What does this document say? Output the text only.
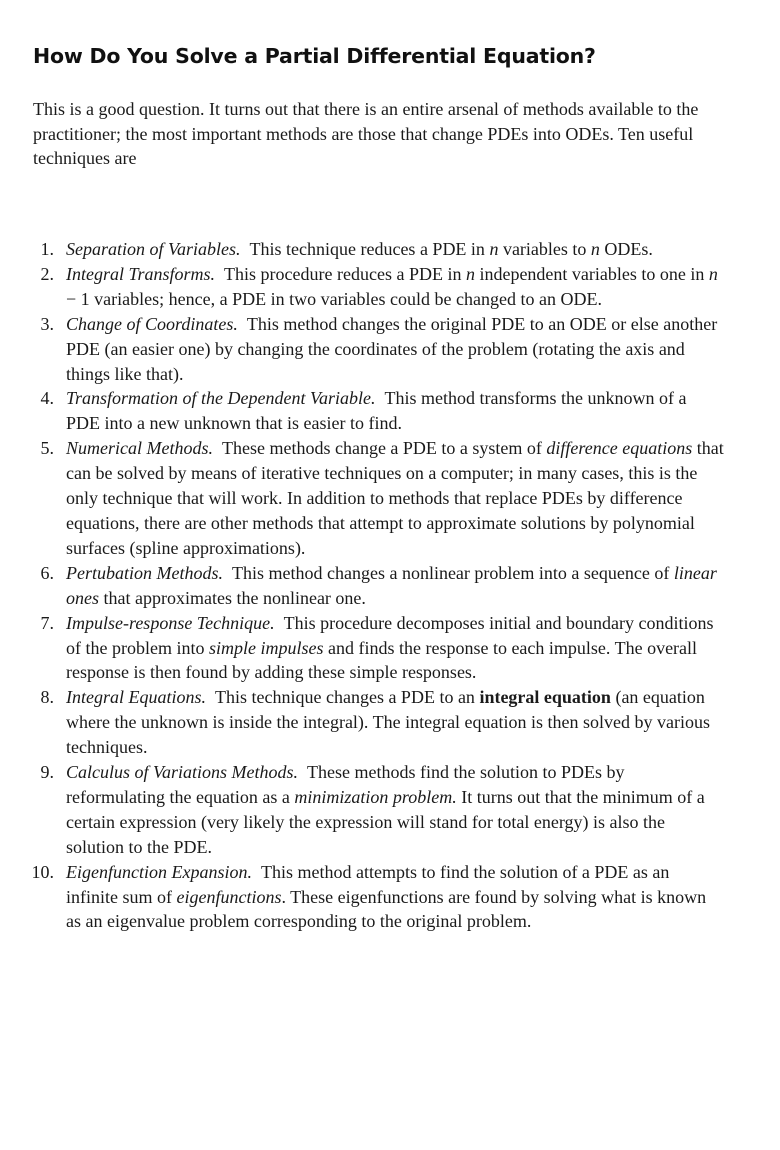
How Do You Solve a Partial Differential Equation?

This is a good question. It turns out that there is an entire arsenal of methods available to the practitioner; the most important methods are those that change PDEs into ODEs. Ten useful techniques are

1. Separation of Variables. This technique reduces a PDE in n variables to n ODEs.
2. Integral Transforms. This procedure reduces a PDE in n independent variables to one in n − 1 variables; hence, a PDE in two variables could be changed to an ODE.
3. Change of Coordinates. This method changes the original PDE to an ODE or else another PDE (an easier one) by changing the coordinates of the problem (rotating the axis and things like that).
4. Transformation of the Dependent Variable. This method transforms the unknown of a PDE into a new unknown that is easier to find.
5. Numerical Methods. These methods change a PDE to a system of difference equations that can be solved by means of iterative techniques on a computer; in many cases, this is the only technique that will work. In addition to methods that replace PDEs by difference equations, there are other methods that attempt to approximate solutions by polynomial surfaces (spline approximations).
6. Pertubation Methods. This method changes a nonlinear problem into a sequence of linear ones that approximates the nonlinear one.
7. Impulse-response Technique. This procedure decomposes initial and boundary conditions of the problem into simple impulses and finds the response to each impulse. The overall response is then found by adding these simple responses.
8. Integral Equations. This technique changes a PDE to an integral equation (an equation where the unknown is inside the integral). The integral equation is then solved by various techniques.
9. Calculus of Variations Methods. These methods find the solution to PDEs by reformulating the equation as a minimization problem. It turns out that the minimum of a certain expression (very likely the expression will stand for total energy) is also the solution to the PDE.
10. Eigenfunction Expansion. This method attempts to find the solution of a PDE as an infinite sum of eigenfunctions. These eigenfunctions are found by solving what is known as an eigenvalue problem corresponding to the original problem.
